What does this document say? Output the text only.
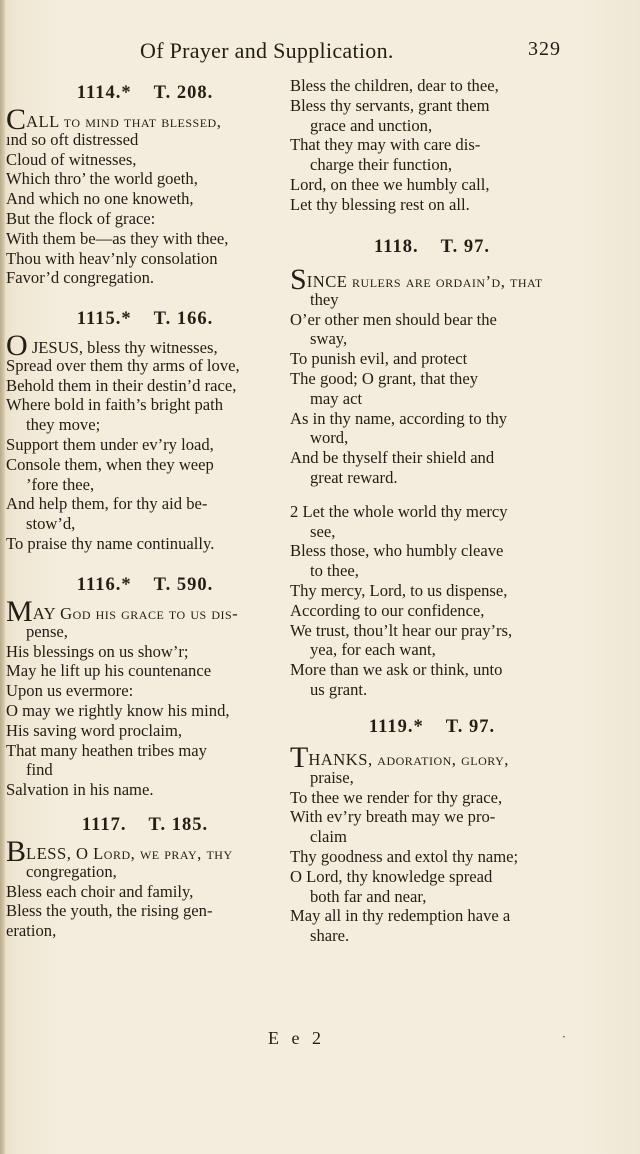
Of Prayer and Supplication.	329
1114.* T. 208.
CALL to mind that blessed,
ınd so oft distressed
Cloud of witnesses,
Which thro’ the world goeth,
And which no one knoweth,
But the flock of grace:
With them be—as they with thee,
Thou with heav’nly consolation
Favor’d congregation.
1115.* T. 166.
O JESUS, bless thy witnesses,
Spread over them thy arms of love,
Behold them in their destin’d race,
Where bold in faith’s bright path
they move;
Support them under ev’ry load,
Console them, when they weep
’fore thee,
And help them, for thy aid be-
stow’d,
To praise thy name continually.
1116.* T. 590.
MAY God his grace to us dis-
pense,
His blessings on us show’r;
May he lift up his countenance
Upon us evermore:
O may we rightly know his mind,
His saving word proclaim,
That many heathen tribes may
find
Salvation in his name.
1117. T. 185.
BLESS, O Lord, we pray, thy
congregation,
Bless each choir and family,
Bless the youth, the rising gen-
eration,
Bless the children, dear to thee,
Bless thy servants, grant them
grace and unction,
That they may with care dis-
charge their function,
Lord, on thee we humbly call,
Let thy blessing rest on all.
1118. T. 97.
SINCE rulers are ordain’d, that
they
O’er other men should bear the
sway,
To punish evil, and protect
The good; O grant, that they
may act
As in thy name, according to thy
word,
And be thyself their shield and
great reward.
2 Let the whole world thy mercy
see,
Bless those, who humbly cleave
to thee,
Thy mercy, Lord, to us dispense,
According to our confidence,
We trust, thou’lt hear our pray’rs,
yea, for each want,
More than we ask or think, unto
us grant.
1119.* T. 97.
THANKS, adoration, glory,
praise,
To thee we render for thy grace,
With ev’ry breath may we pro-
claim
Thy goodness and extol thy name;
O Lord, thy knowledge spread
both far and near,
May all in thy redemption have a
share.
E e 2	·
